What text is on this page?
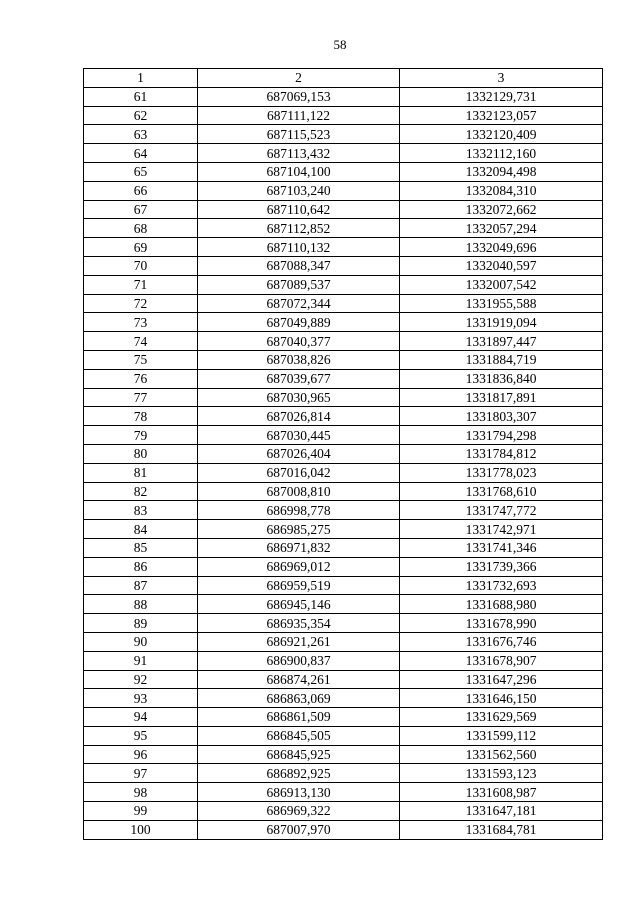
58
1	2	3
61	687069,153	1332129,731
62	687111,122	1332123,057
63	687115,523	1332120,409
64	687113,432	1332112,160
65	687104,100	1332094,498
66	687103,240	1332084,310
67	687110,642	1332072,662
68	687112,852	1332057,294
69	687110,132	1332049,696
70	687088,347	1332040,597
71	687089,537	1332007,542
72	687072,344	1331955,588
73	687049,889	1331919,094
74	687040,377	1331897,447
75	687038,826	1331884,719
76	687039,677	1331836,840
77	687030,965	1331817,891
78	687026,814	1331803,307
79	687030,445	1331794,298
80	687026,404	1331784,812
81	687016,042	1331778,023
82	687008,810	1331768,610
83	686998,778	1331747,772
84	686985,275	1331742,971
85	686971,832	1331741,346
86	686969,012	1331739,366
87	686959,519	1331732,693
88	686945,146	1331688,980
89	686935,354	1331678,990
90	686921,261	1331676,746
91	686900,837	1331678,907
92	686874,261	1331647,296
93	686863,069	1331646,150
94	686861,509	1331629,569
95	686845,505	1331599,112
96	686845,925	1331562,560
97	686892,925	1331593,123
98	686913,130	1331608,987
99	686969,322	1331647,181
100	687007,970	1331684,781
